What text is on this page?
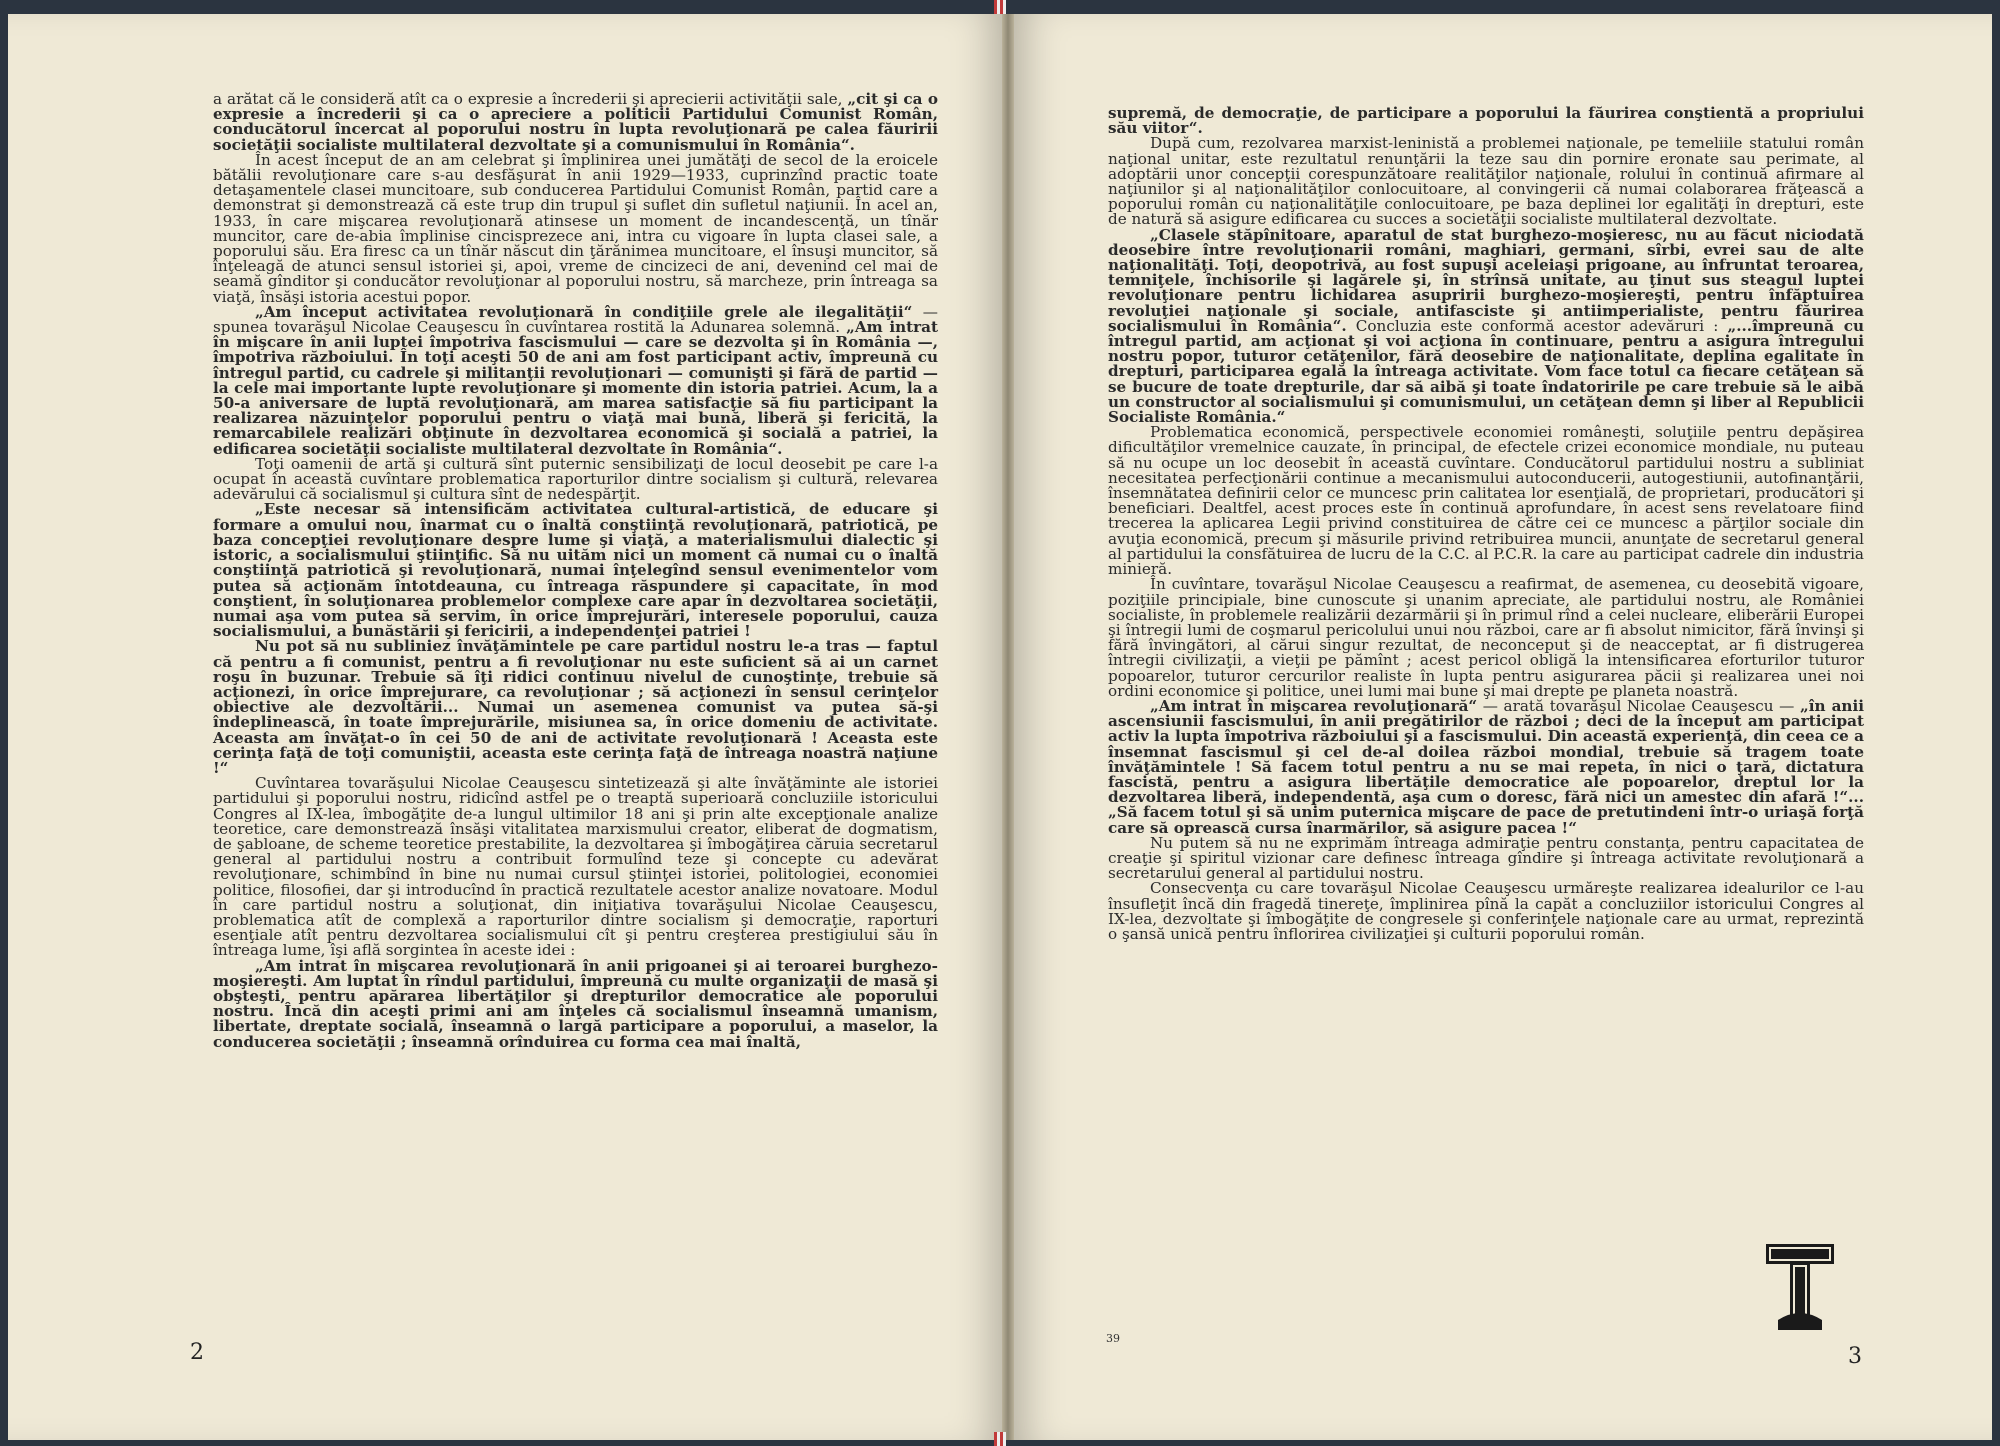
a arătat că le consideră atît ca o expresie a încrederii şi aprecierii activităţii sale, „cit şi ca o expresie a încrederii şi ca o apreciere a politicii Partidului Comunist Român, conducătorul încercat al poporului nostru în lupta revoluţionară pe calea făuririi societăţii socialiste multilateral dezvoltate şi a comunismului în România“.

În acest început de an am celebrat şi împlinirea unei jumătăţi de secol de la eroicele bătălii revoluţionare care s-au desfăşurat în anii 1929—1933, cuprinzînd practic toate detaşamentele clasei muncitoare, sub conducerea Partidului Comunist Român, partid care a demonstrat şi demonstrează că este trup din trupul şi suflet din sufletul naţiunii. În acel an, 1933, în care mişcarea revoluţionară atinsese un moment de incandescenţă, un tînăr muncitor, care de-abia împlinise cincisprezece ani, intra cu vigoare în lupta clasei sale, a poporului său. Era firesc ca un tînăr născut din ţărănimea muncitoare, el însuşi muncitor, să înţeleagă de atunci sensul istoriei şi, apoi, vreme de cincizeci de ani, devenind cel mai de seamă gînditor şi conducător revoluţionar al poporului nostru, să marcheze, prin întreaga sa viaţă, însăşi istoria acestui popor.

„Am început activitatea revoluţionară în condiţiile grele ale ilegalităţii“ — spunea tovarăşul Nicolae Ceauşescu în cuvîntarea rostită la Adunarea solemnă. „Am intrat în mişcare în anii luptei împotriva fascismului — care se dezvolta şi în România —, împotriva războiului. În toţi aceşti 50 de ani am fost participant activ, împreună cu întregul partid, cu cadrele şi militanţii revoluţionari — comunişti şi fără de partid — la cele mai importante lupte revoluţionare şi momente din istoria patriei. Acum, la a 50-a aniversare de luptă revoluţionară, am marea satisfacţie să fiu participant la realizarea năzuinţelor poporului pentru o viaţă mai bună, liberă şi fericită, la remarcabilele realizări obţinute în dezvoltarea economică şi socială a patriei, la edificarea societăţii socialiste multilateral dezvoltate în România“.

Toţi oamenii de artă şi cultură sînt puternic sensibilizaţi de locul deosebit pe care l-a ocupat în această cuvîntare problematica raporturilor dintre socialism şi cultură, relevarea adevărului că socialismul şi cultura sînt de nedespărţit.

„Este necesar să intensificăm activitatea cultural-artistică, de educare şi formare a omului nou, înarmat cu o înaltă conştiinţă revoluţionară, patriotică, pe baza concepţiei revoluţionare despre lume şi viaţă, a materialismului dialectic şi istoric, a socialismului ştiinţific. Să nu uităm nici un moment că numai cu o înaltă conştiinţă patriotică şi revoluţionară, numai înţelegînd sensul evenimentelor vom putea să acţionăm întotdeauna, cu întreaga răspundere şi capacitate, în mod conştient, în soluţionarea problemelor complexe care apar în dezvoltarea societăţii, numai aşa vom putea să servim, în orice împrejurări, interesele poporului, cauza socialismului, a bunăstării şi fericirii, a independenţei patriei !

Nu pot să nu subliniez învăţămintele pe care partidul nostru le-a tras — faptul că pentru a fi comunist, pentru a fi revoluţionar nu este suficient să ai un carnet roşu în buzunar. Trebuie să îţi ridici continuu nivelul de cunoştinţe, trebuie să acţionezi, în orice împrejurare, ca revoluţionar ; să acţionezi în sensul cerinţelor obiective ale dezvoltării... Numai un asemenea comunist va putea să-şi îndeplinească, în toate împrejurările, misiunea sa, în orice domeniu de activitate. Aceasta am învăţat-o în cei 50 de ani de activitate revoluţionară ! Aceasta este cerinţa faţă de toţi comuniştii, aceasta este cerinţa faţă de întreaga noastră naţiune !“

Cuvîntarea tovarăşului Nicolae Ceauşescu sintetizează şi alte învăţăminte ale istoriei partidului şi poporului nostru, ridicînd astfel pe o treaptă superioară concluziile istoricului Congres al IX-lea, îmbogăţite de-a lungul ultimilor 18 ani şi prin alte excepţionale analize teoretice, care demonstrează însăşi vitalitatea marxismului creator, eliberat de dogmatism, de şabloane, de scheme teoretice prestabilite, la dezvoltarea şi îmbogăţirea căruia secretarul general al partidului nostru a contribuit formulînd teze şi concepte cu adevărat revoluţionare, schimbînd în bine nu numai cursul ştiinţei istoriei, politologiei, economiei politice, filosofiei, dar şi introducînd în practică rezultatele acestor analize novatoare. Modul în care partidul nostru a soluţionat, din iniţiativa tovarăşului Nicolae Ceauşescu, problematica atît de complexă a raporturilor dintre socialism şi democraţie, raporturi esenţiale atît pentru dezvoltarea socialismului cît şi pentru creşterea prestigiului său în întreaga lume, îşi află sorgintea în aceste idei :

„Am intrat în mişcarea revoluţionară în anii prigoanei şi ai teroarei burghezo-moşiereşti. Am luptat în rîndul partidului, împreună cu multe organizaţii de masă şi obşteşti, pentru apărarea libertăţilor şi drepturilor democratice ale poporului nostru. Încă din aceşti primi ani am înţeles că socialismul înseamnă umanism, libertate, dreptate socială, înseamnă o largă participare a poporului, a maselor, la conducerea societăţii ; înseamnă orînduirea cu forma cea mai înaltă,

2

supremă, de democraţie, de participare a poporului la făurirea conştientă a propriului său viitor“.

După cum, rezolvarea marxist-leninistă a problemei naţionale, pe temeliile statului român naţional unitar, este rezultatul renunţării la teze sau din pornire eronate sau perimate, al adoptării unor concepţii corespunzătoare realităţilor naţionale, rolului în continuă afirmare al naţiunilor şi al naţionalităţilor conlocuitoare, al convingerii că numai colaborarea frăţească a poporului român cu naţionalităţile conlocuitoare, pe baza deplinei lor egalităţi în drepturi, este de natură să asigure edificarea cu succes a societăţii socialiste multilateral dezvoltate.

„Clasele stăpînitoare, aparatul de stat burghezo-moşieresc, nu au făcut niciodată deosebire între revoluţionarii români, maghiari, germani, sîrbi, evrei sau de alte naţionalităţi. Toţi, deopotrivă, au fost supuşi aceleiaşi prigoane, au înfruntat teroarea, temniţele, închisorile şi lagărele şi, în strînsă unitate, au ţinut sus steagul luptei revoluţionare pentru lichidarea asupririi burghezo-moşiereşti, pentru înfăptuirea revoluţiei naţionale şi sociale, antifasciste şi antiimperialiste, pentru făurirea socialismului în România“. Concluzia este conformă acestor adevăruri : „...împreună cu întregul partid, am acţionat şi voi acţiona în continuare, pentru a asigura întregului nostru popor, tuturor cetăţenilor, fără deosebire de naţionalitate, deplina egalitate în drepturi, participarea egală la întreaga activitate. Vom face totul ca fiecare cetăţean să se bucure de toate drepturile, dar să aibă şi toate îndatoririle pe care trebuie să le aibă un constructor al socialismului şi comunismului, un cetăţean demn şi liber al Republicii Socialiste România.“

Problematica economică, perspectivele economiei româneşti, soluţiile pentru depăşirea dificultăţilor vremelnice cauzate, în principal, de efectele crizei economice mondiale, nu puteau să nu ocupe un loc deosebit în această cuvîntare. Conducătorul partidului nostru a subliniat necesitatea perfecţionării continue a mecanismului autoconducerii, autogestiunii, autofinanţării, însemnătatea definirii celor ce muncesc prin calitatea lor esenţială, de proprietari, producători şi beneficiari. Dealtfel, acest proces este în continuă aprofundare, în acest sens revelatoare fiind trecerea la aplicarea Legii privind constituirea de către cei ce muncesc a părţilor sociale din avuţia economică, precum şi măsurile privind retribuirea muncii, anunţate de secretarul general al partidului la consfătuirea de lucru de la C.C. al P.C.R. la care au participat cadrele din industria minieră.

În cuvîntare, tovarăşul Nicolae Ceauşescu a reafirmat, de asemenea, cu deosebită vigoare, poziţiile principiale, bine cunoscute şi unanim apreciate, ale partidului nostru, ale României socialiste, în problemele realizării dezarmării şi în primul rînd a celei nucleare, eliberării Europei şi întregii lumi de coşmarul pericolului unui nou război, care ar fi absolut nimicitor, fără învinşi şi fără învingători, al cărui singur rezultat, de neconceput şi de neacceptat, ar fi distrugerea întregii civilizaţii, a vieţii pe pămînt ; acest pericol obligă la intensificarea eforturilor tuturor popoarelor, tuturor cercurilor realiste în lupta pentru asigurarea păcii şi realizarea unei noi ordini economice şi politice, unei lumi mai bune şi mai drepte pe planeta noastră.

„Am intrat în mişcarea revoluţionară“ — arată tovarăşul Nicolae Ceauşescu — „în anii ascensiunii fascismului, în anii pregătirilor de război ; deci de la început am participat activ la lupta împotriva războiului şi a fascismului. Din această experienţă, din ceea ce a însemnat fascismul şi cel de-al doilea război mondial, trebuie să tragem toate învăţămintele ! Să facem totul pentru a nu se mai repeta, în nici o ţară, dictatura fascistă, pentru a asigura libertăţile democratice ale popoarelor, dreptul lor la dezvoltarea liberă, independentă, aşa cum o doresc, fără nici un amestec din afară !“... „Să facem totul şi să unim puternica mişcare de pace de pretutindeni într-o uriaşă forţă care să oprească cursa înarmărilor, să asigure pacea !“

Nu putem să nu ne exprimăm întreaga admiraţie pentru constanţa, pentru capacitatea de creaţie şi spiritul vizionar care definesc întreaga gîndire şi întreaga activitate revoluţionară a secretarului general al partidului nostru.

Consecvenţa cu care tovarăşul Nicolae Ceauşescu urmăreşte realizarea idealurilor ce l-au însufleţit încă din fragedă tinereţe, împlinirea pînă la capăt a concluziilor istoricului Congres al IX-lea, dezvoltate şi îmbogăţite de congresele şi conferinţele naţionale care au urmat, reprezintă o şansă unică pentru înflorirea civilizaţiei şi culturii poporului român.

39
3
